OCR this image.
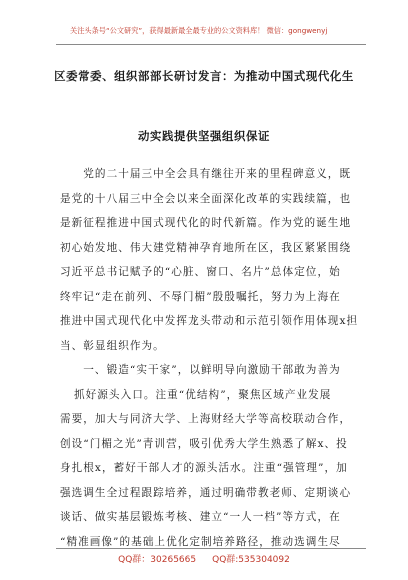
关注头条号“公文研究”，获得最新最全最专业的公文资料库！ 微信：gongwenyj
区委常委、组织部部长研讨发言：为推动中国式现代化生
动实践提供坚强组织保证
　　党的二十届三中全会具有继往开来的里程碑意义，既
是党的十八届三中全会以来全面深化改革的实践续篇，也
是新征程推进中国式现代化的时代新篇。作为党的诞生地
初心始发地、伟大建党精神孕育地所在区，我区紧紧围绕
习近平总书记赋予的“心脏、窗口、名片”总体定位，始
终牢记“走在前列、不辱门楣”殷殷嘱托，努力为上海在
推进中国式现代化中发挥龙头带动和示范引领作用体现x担
当、彰显组织作为。
　　一、锻造“实干家”，以鲜明导向激励干部敢为善为
抓好源头入口。注重“优结构”，聚焦区域产业发展
需要，加大与同济大学、上海财经大学等高校联动合作，
创设“门楣之光”青训营，吸引优秀大学生熟悉了解x、投
身扎根x，蓄好干部人才的源头活水。注重“强管理”，加
强选调生全过程跟踪培养，通过明确带教老师、定期谈心
谈话、做实基层锻炼考核、建立“一人一档”等方式，在
“精准画像”的基础上优化定制培养路径，推动选调生尽
QQ群：30265665 QQ群:535304092
